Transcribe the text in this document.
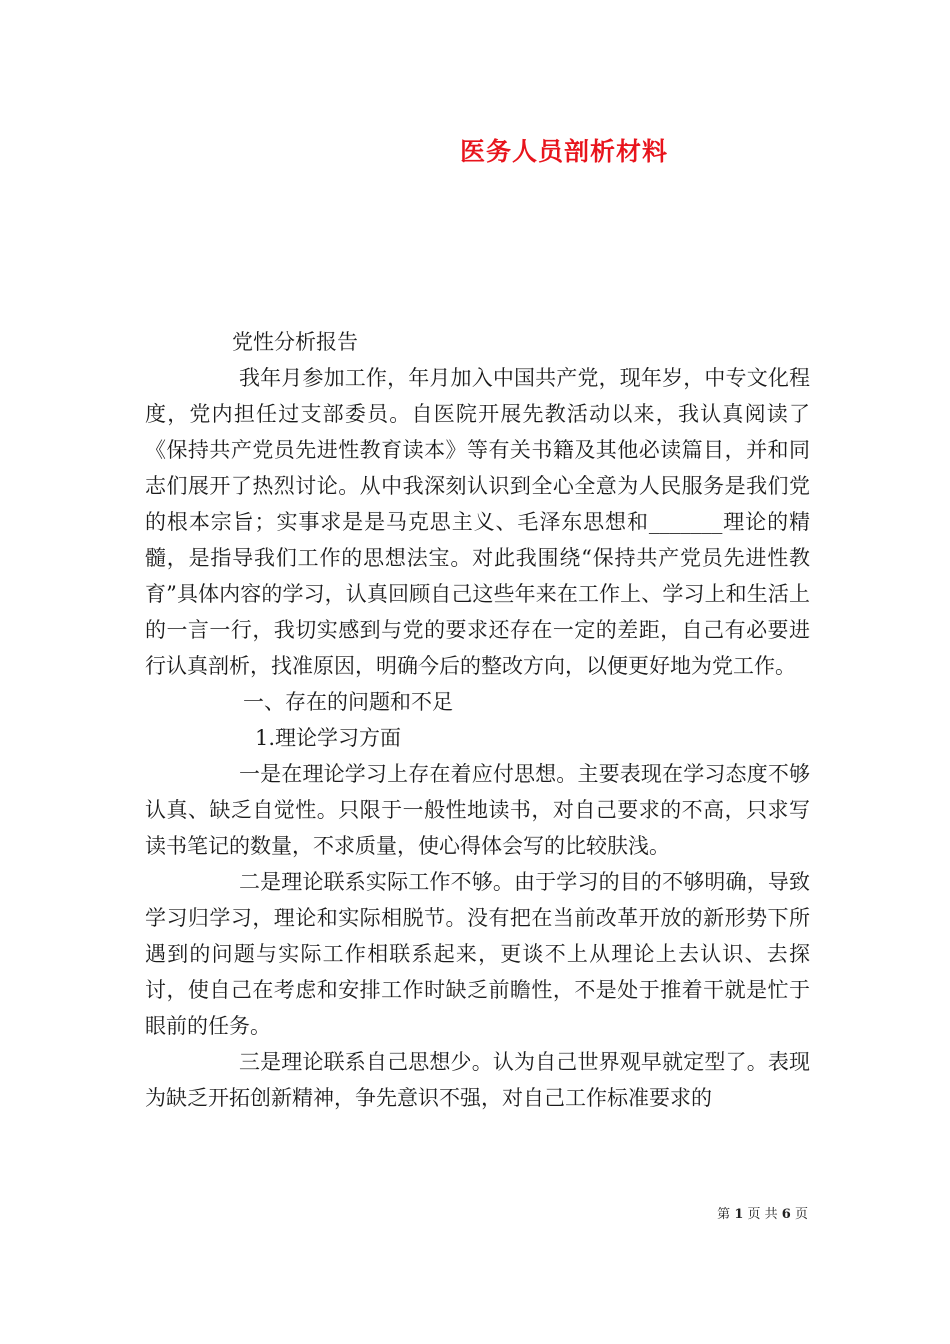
医务人员剖析材料

党性分析报告

我年月参加工作，年月加入中国共产党，现年岁，中专文化程度，党内担任过支部委员。自医院开展先教活动以来，我认真阅读了《保持共产党员先进性教育读本》等有关书籍及其他必读篇目，并和同志们展开了热烈讨论。从中我深刻认识到全心全意为人民服务是我们党的根本宗旨；实事求是是马克思主义、毛泽东思想和_______理论的精髓，是指导我们工作的思想法宝。对此我围绕“保持共产党员先进性教育”具体内容的学习，认真回顾自己这些年来在工作上、学习上和生活上的一言一行，我切实感到与党的要求还存在一定的差距，自己有必要进行认真剖析，找准原因，明确今后的整改方向，以便更好地为党工作。

一、存在的问题和不足

1.理论学习方面

一是在理论学习上存在着应付思想。主要表现在学习态度不够认真、缺乏自觉性。只限于一般性地读书，对自己要求的不高，只求写读书笔记的数量，不求质量，使心得体会写的比较肤浅。

二是理论联系实际工作不够。由于学习的目的不够明确，导致学习归学习，理论和实际相脱节。没有把在当前改革开放的新形势下所遇到的问题与实际工作相联系起来，更谈不上从理论上去认识、去探讨，使自己在考虑和安排工作时缺乏前瞻性，不是处于推着干就是忙于眼前的任务。

三是理论联系自己思想少。认为自己世界观早就定型了。表现为缺乏开拓创新精神，争先意识不强，对自己工作标准要求的

第 1 页 共 6 页
